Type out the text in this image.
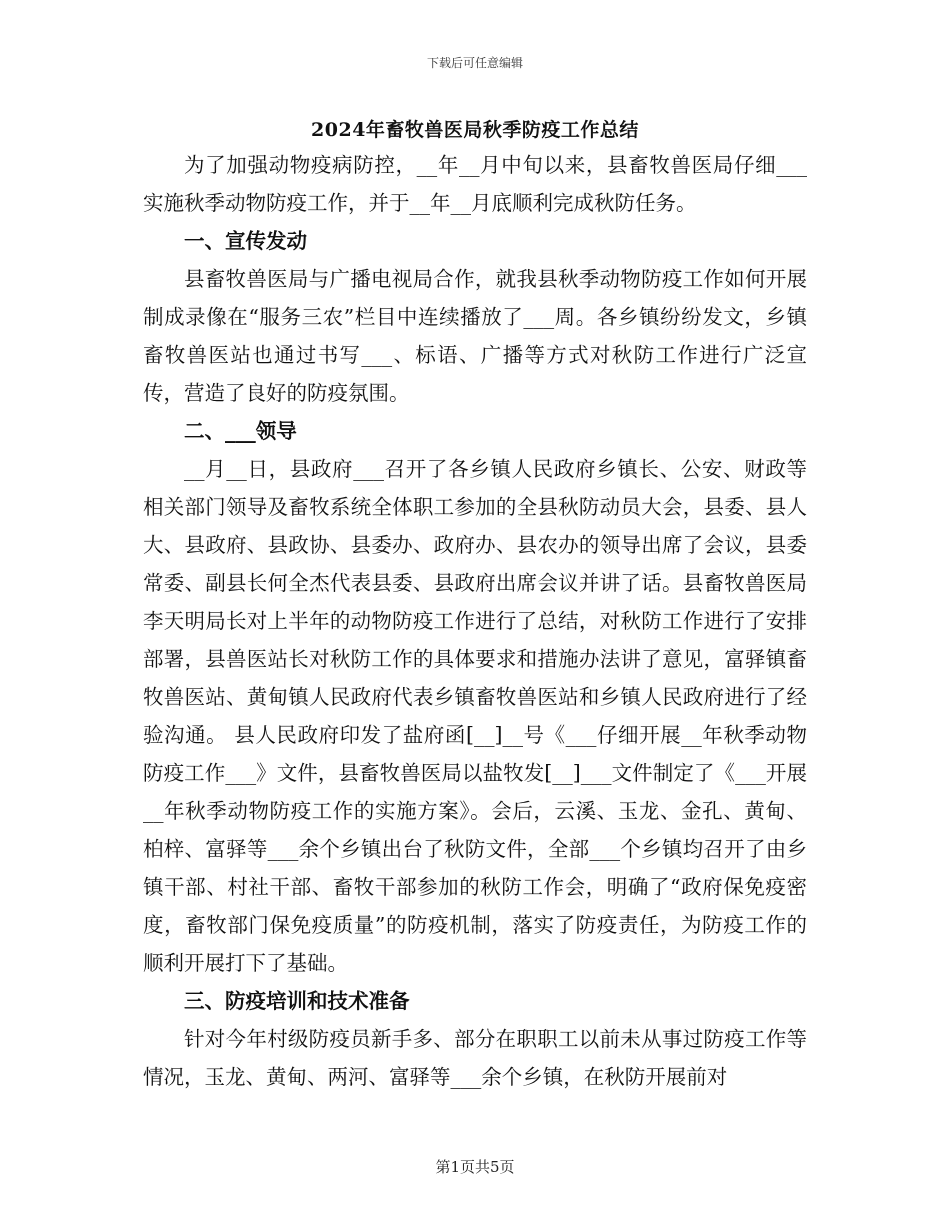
下载后可任意编辑
2024年畜牧兽医局秋季防疫工作总结

为了加强动物疫病防控，__年__月中旬以来，县畜牧兽医局仔细___实施秋季动物防疫工作，并于__年__月底顺利完成秋防任务。

一、宣传发动

县畜牧兽医局与广播电视局合作，就我县秋季动物防疫工作如何开展制成录像在“服务三农”栏目中连续播放了___周。各乡镇纷纷发文，乡镇畜牧兽医站也通过书写___、标语、广播等方式对秋防工作进行广泛宣传，营造了良好的防疫氛围。

二、___领导

__月__日，县政府___召开了各乡镇人民政府乡镇长、公安、财政等相关部门领导及畜牧系统全体职工参加的全县秋防动员大会，县委、县人大、县政府、县政协、县委办、政府办、县农办的领导出席了会议，县委常委、副县长何全杰代表县委、县政府出席会议并讲了话。县畜牧兽医局李天明局长对上半年的动物防疫工作进行了总结，对秋防工作进行了安排部署，县兽医站长对秋防工作的具体要求和措施办法讲了意见，富驿镇畜牧兽医站、黄甸镇人民政府代表乡镇畜牧兽医站和乡镇人民政府进行了经验沟通。 县人民政府印发了盐府函[__]__号《___仔细开展__年秋季动物防疫工作___》文件，县畜牧兽医局以盐牧发[__]___文件制定了《___开展__年秋季动物防疫工作的实施方案》。会后，云溪、玉龙、金孔、黄甸、柏梓、富驿等___余个乡镇出台了秋防文件，全部___个乡镇均召开了由乡镇干部、村社干部、畜牧干部参加的秋防工作会，明确了“政府保免疫密度，畜牧部门保免疫质量”的防疫机制，落实了防疫责任，为防疫工作的顺利开展打下了基础。

三、防疫培训和技术准备

针对今年村级防疫员新手多、部分在职职工以前未从事过防疫工作等情况，玉龙、黄甸、两河、富驿等___余个乡镇，在秋防开展前对

第1页共5页
